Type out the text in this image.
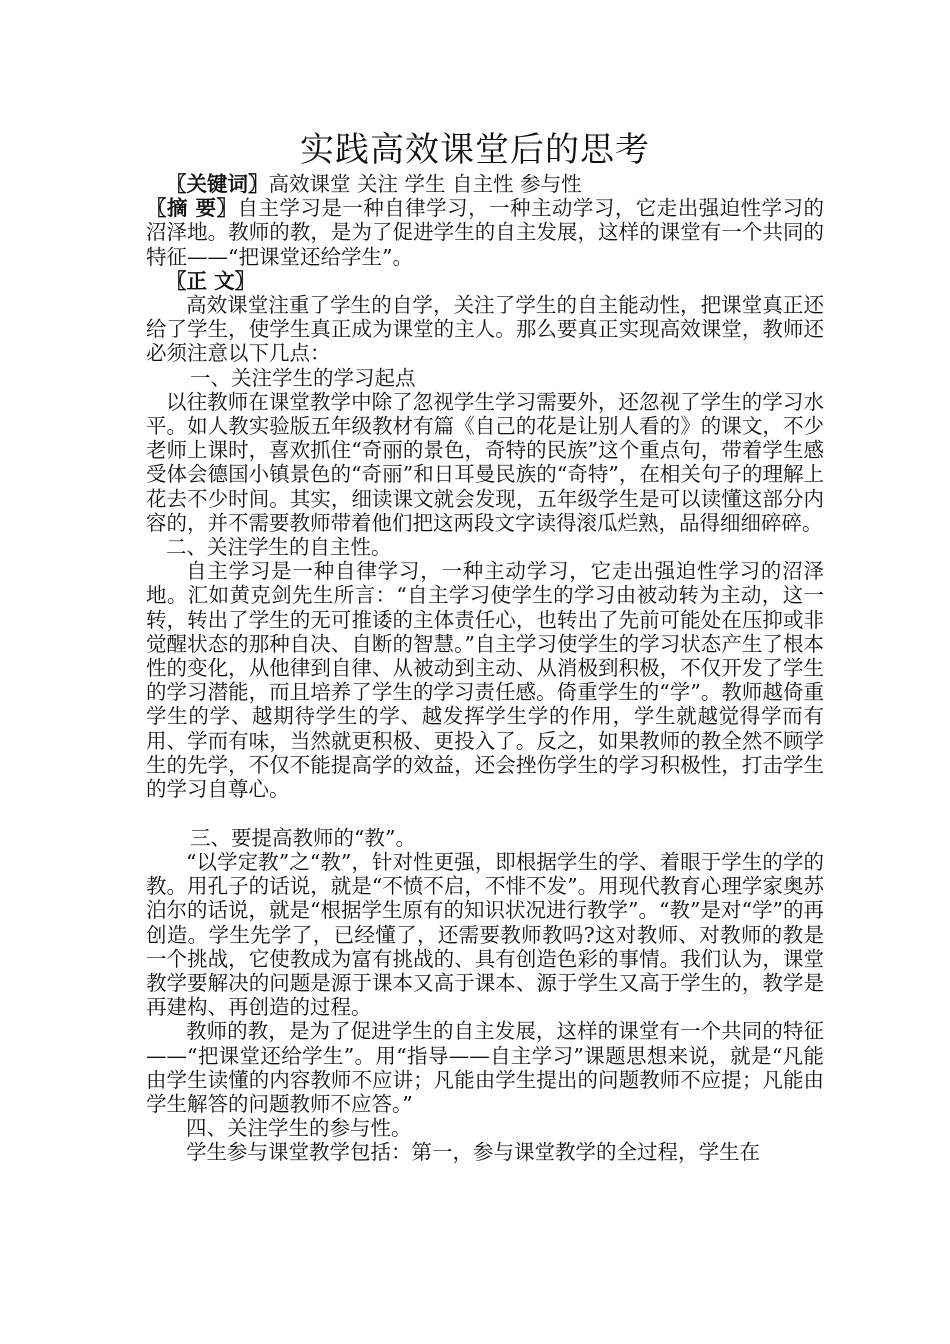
实践高效课堂后的思考

〖关键词〗高效课堂 关注 学生 自主性 参与性

〖摘 要〗自主学习是一种自律学习，一种主动学习，它走出强迫性学习的沼泽地。教师的教，是为了促进学生的自主发展，这样的课堂有一个共同的特征——“把课堂还给学生”。

〖正 文〗

高效课堂注重了学生的自学，关注了学生的自主能动性，把课堂真正还给了学生，使学生真正成为课堂的主人。那么要真正实现高效课堂，教师还必须注意以下几点：

一、关注学生的学习起点

以往教师在课堂教学中除了忽视学生学习需要外，还忽视了学生的学习水平。如人教实验版五年级教材有篇《自己的花是让别人看的》的课文，不少老师上课时，喜欢抓住“奇丽的景色，奇特的民族”这个重点句，带着学生感受体会德国小镇景色的“奇丽”和日耳曼民族的“奇特”，在相关句子的理解上花去不少时间。其实，细读课文就会发现，五年级学生是可以读懂这部分内容的，并不需要教师带着他们把这两段文字读得滚瓜烂熟，品得细细碎碎。

二、关注学生的自主性。

自主学习是一种自律学习，一种主动学习，它走出强迫性学习的沼泽地。汇如黄克剑先生所言：“自主学习使学生的学习由被动转为主动，这一转，转出了学生的无可推诿的主体责任心，也转出了先前可能处在压抑或非觉醒状态的那种自决、自断的智慧。”自主学习使学生的学习状态产生了根本性的变化，从他律到自律、从被动到主动、从消极到积极，不仅开发了学生的学习潜能，而且培养了学生的学习责任感。倚重学生的“学”。教师越倚重学生的学、越期待学生的学、越发挥学生学的作用，学生就越觉得学而有用、学而有味，当然就更积极、更投入了。反之，如果教师的教全然不顾学生的先学，不仅不能提高学的效益，还会挫伤学生的学习积极性，打击学生的学习自尊心。

三、要提高教师的“教”。

“以学定教”之“教”，针对性更强，即根据学生的学、着眼于学生的学的教。用孔子的话说，就是“不愤不启，不悱不发”。用现代教育心理学家奥苏泊尔的话说，就是“根据学生原有的知识状况进行教学”。“教”是对“学”的再创造。学生先学了，已经懂了，还需要教师教吗?这对教师、对教师的教是一个挑战，它使教成为富有挑战的、具有创造色彩的事情。我们认为，课堂教学要解决的问题是源于课本又高于课本、源于学生又高于学生的，教学是再建构、再创造的过程。

教师的教，是为了促进学生的自主发展，这样的课堂有一个共同的特征——“把课堂还给学生”。用“指导——自主学习”课题思想来说，就是“凡能由学生读懂的内容教师不应讲；凡能由学生提出的问题教师不应提；凡能由学生解答的问题教师不应答。”

四、关注学生的参与性。

学生参与课堂教学包括：第一，参与课堂教学的全过程，学生在
